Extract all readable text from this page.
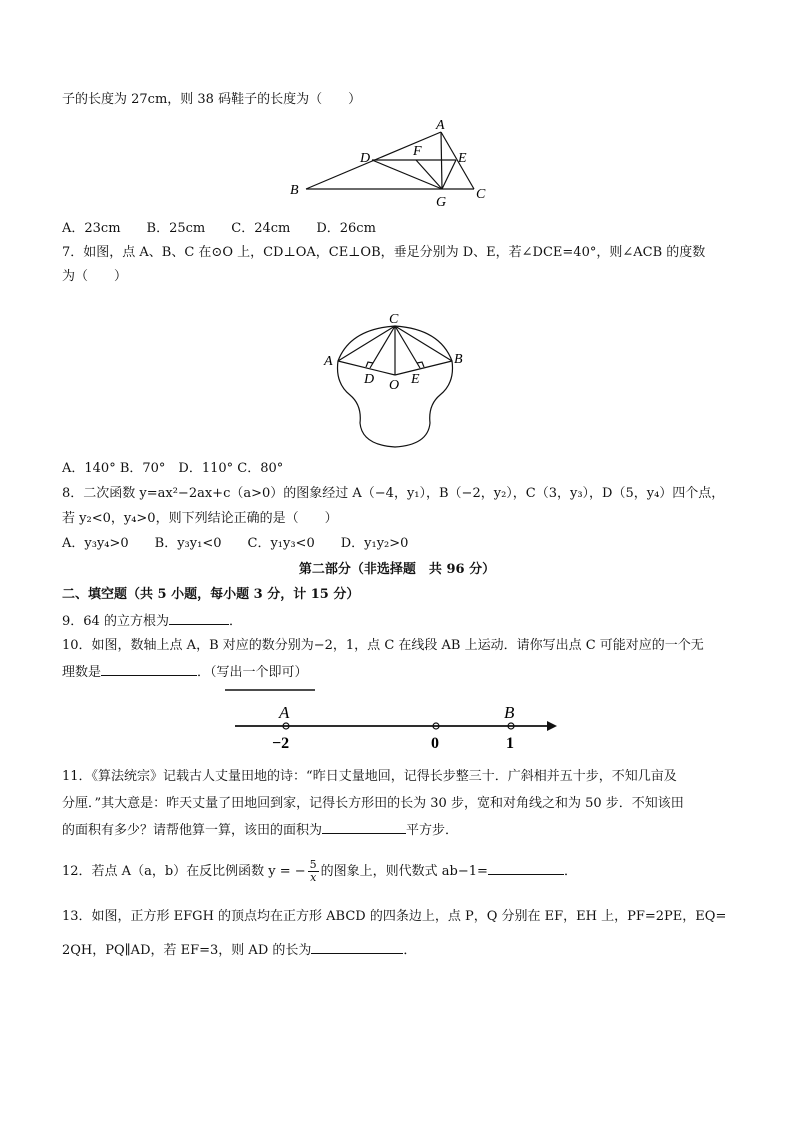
子的长度为 27cm，则 38 码鞋子的长度为（　　）
A
B	C
D	E
F
G
A．23cm　　B．25cm　　C．24cm　　D．26cm
7．如图，点 A、B、C 在⊙O 上，CD⊥OA，CE⊥OB，垂足分别为 D、E，若∠DCE=40°，则∠ACB 的度数
为（　　）
C
A	B
D O E
A．140° B．70°　D．110° C．80°
8．二次函数 y=ax²−2ax+c（a>0）的图象经过 A（−4，y₁），B（−2，y₂），C（3，y₃），D（5，y₄）四个点，
若 y₂<0，y₄>0，则下列结论正确的是（　　）
A．y₃y₄>0　　B．y₃y₁<0　　C．y₁y₃<0　　D．y₁y₂>0
第二部分（非选择题　共 96 分）
二、填空题（共 5 小题，每小题 3 分，计 15 分）
9．64 的立方根为	．
10．如图，数轴上点 A，B 对应的数分别为−2，1，点 C 在线段 AB 上运动．请你写出点 C 可能对应的一个无
理数是	．（写出一个即可）
A	B
−2	0	1
11．《算法统宗》记载古人丈量田地的诗：“昨日丈量地回，记得长步整三十．广斜相并五十步，不知几亩及
分厘．”其大意是：昨天丈量了田地回到家，记得长方形田的长为 30 步，宽和对角线之和为 50 步．不知该田
的面积有多少？请帮他算一算，该田的面积为	平方步．
12．若点 A（a，b）在反比例函数 y = − $\frac{5}{x}$ 的图象上，则代数式 ab−1=	．
13．如图，正方形 EFGH 的顶点均在正方形 ABCD 的四条边上，点 P，Q 分别在 EF，EH 上，PF=2PE，EQ=
2QH，PQ∥AD，若 EF=3，则 AD 的长为	．
